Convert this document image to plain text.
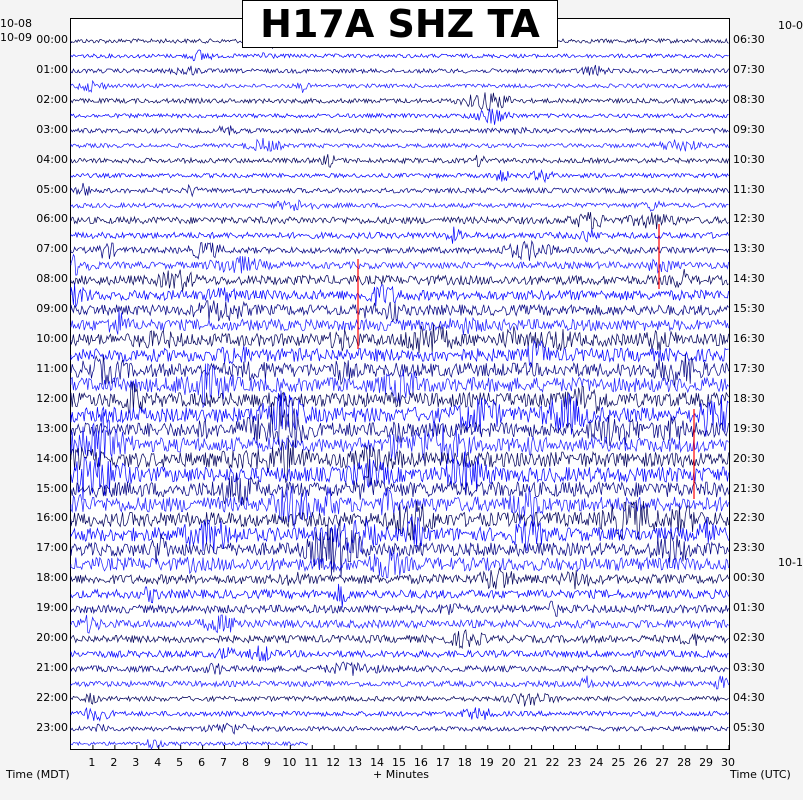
H17A SHZ TA
10-08	10-0
10-1
00:00
01:00
02:00
03:00
04:00
05:00
06:00
07:00
08:00
09:00
10:00
11:00
12:00
13:00
14:00
15:00
16:00
17:00
18:00
19:00
20:00
21:00
22:00
23:00
06:30
07:30
08:30
09:30
10:30
11:30
12:30
13:30
14:30
15:30
16:30
17:30
18:30
19:30
20:30
21:30
22:30
23:30
00:30
01:30
02:30
03:30
04:30
05:30
1 2 3 4 5 6 7 8 9 10 11 12 13 14 15 16 17 18 19 20 21 22 23 24 25 26 27 28 29 30
Time (MDT)	+ Minutes	Time (UTC)
10-09
